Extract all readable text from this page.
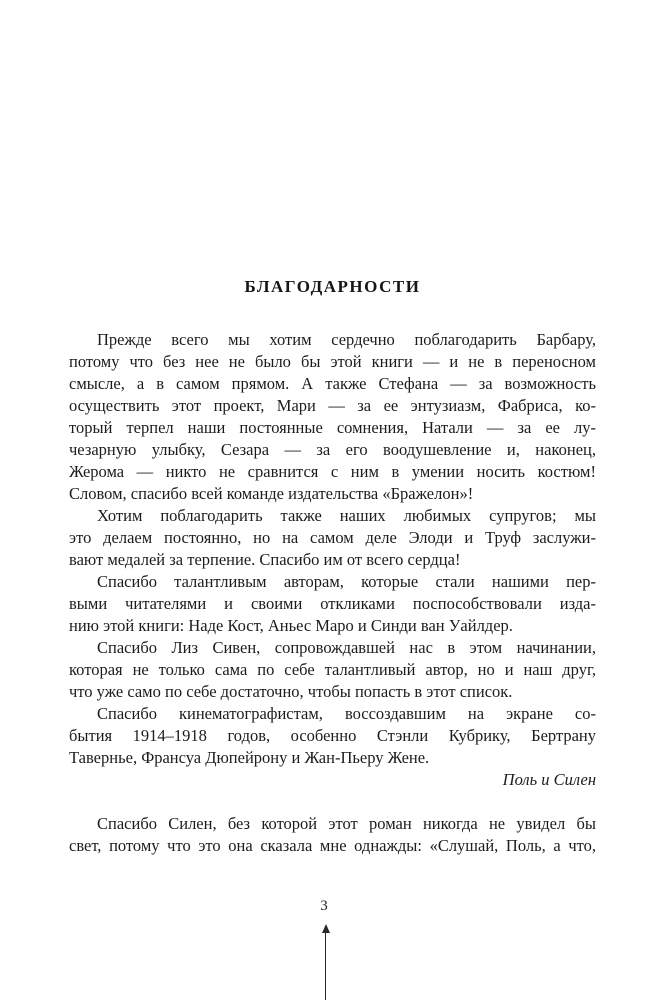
БЛАГОДАРНОСТИ
Прежде всего мы хотим сердечно поблагодарить Барбару,
потому что без нее не было бы этой книги — и не в переносном
смысле, а в самом прямом. А также Стефана — за возможность
осуществить этот проект, Мари — за ее энтузиазм, Фабриса, ко-
торый терпел наши постоянные сомнения, Натали — за ее лу-
чезарную улыбку, Сезара — за его воодушевление и, наконец,
Жерома — никто не сравнится с ним в умении носить костюм!
Словом, спасибо всей команде издательства «Бражелон»!
Хотим поблагодарить также наших любимых супругов; мы
это делаем постоянно, но на самом деле Элоди и Труф заслужи-
вают медалей за терпение. Спасибо им от всего сердца!
Спасибо талантливым авторам, которые стали нашими пер-
выми читателями и своими откликами поспособствовали изда-
нию этой книги: Наде Кост, Аньес Маро и Синди ван Уайлдер.
Спасибо Лиз Сивен, сопровождавшей нас в этом начинании,
которая не только сама по себе талантливый автор, но и наш друг,
что уже само по себе достаточно, чтобы попасть в этот список.
Спасибо кинематографистам, воссоздавшим на экране со-
бытия 1914–1918 годов, особенно Стэнли Кубрику, Бертрану
Тавернье, Франсуа Дюпейрону и Жан-Пьеру Жене.
Поль и Силен
Спасибо Силен, без которой этот роман никогда не увидел бы
свет, потому что это она сказала мне однажды: «Слушай, Поль, а что,
3
